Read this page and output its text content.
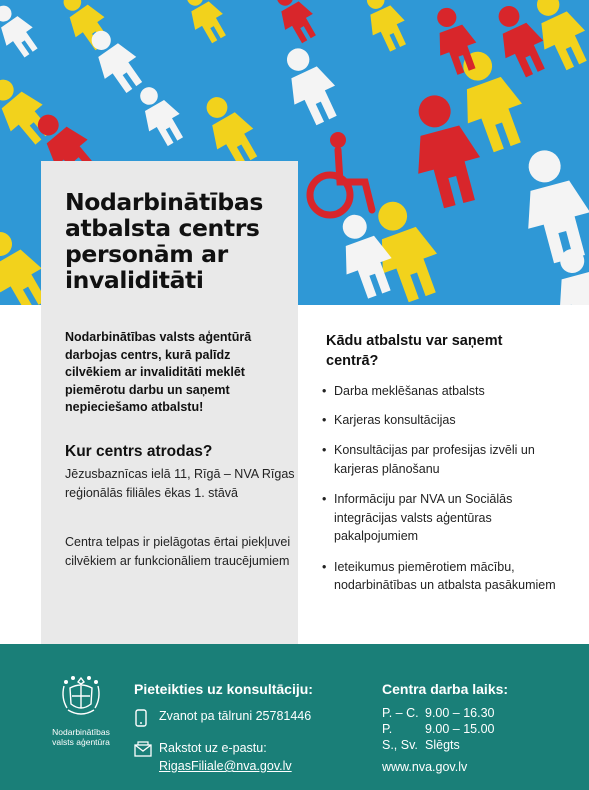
Nodarbinātības atbalsta centrs personām ar invaliditāti

Nodarbinātības valsts aģentūrā darbojas centrs, kurā palīdz cilvēkiem ar invaliditāti meklēt piemērotu darbu un saņemt nepieciešamo atbalstu!

Kur centrs atrodas?

Jēzusbaznīcas ielā 11, Rīgā – NVA Rīgas reģionālās filiāles ēkas 1. stāvā

Centra telpas ir pielāgotas ērtai piekļuvei cilvēkiem ar funkcionāliem traucējumiem

Kādu atbalstu var saņemt centrā?
• Darba meklēšanas atbalsts
• Karjeras konsultācijas
• Konsultācijas par profesijas izvēli un karjeras plānošanu
• Informāciju par NVA un Sociālās integrācijas valsts aģentūras pakalpojumiem
• Ieteikumus piemērotiem mācību, nodarbinātības un atbalsta pasākumiem
Nodarbinātības valsts aģentūra
Pieteikties uz konsultāciju:
Zvanot pa tālruni 25781446
Rakstot uz e-pastu:
RigasFiliale@nva.gov.lv
Centra darba laiks:
P. – C. 9.00 – 16.30
P.	9.00 – 15.00
S., Sv. Slēgts
www.nva.gov.lv
